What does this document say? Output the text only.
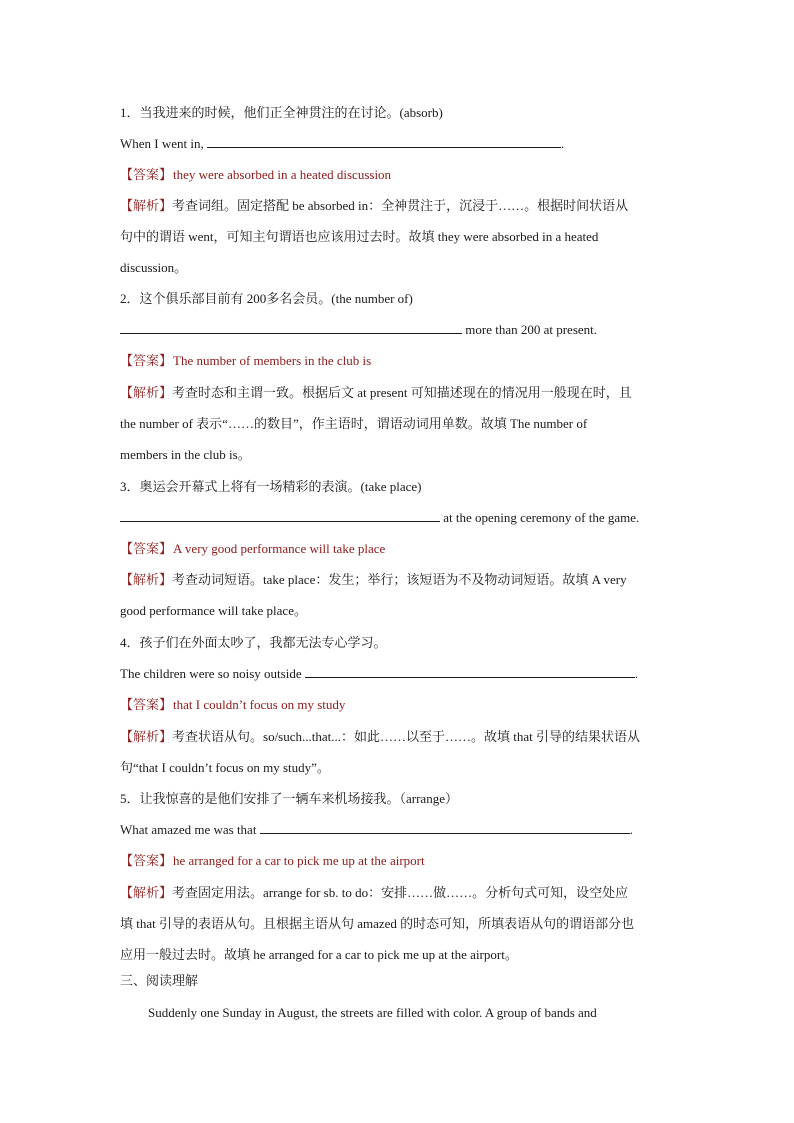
1．当我进来的时候，他们正全神贯注的在讨论。(absorb)
When I went in,	.
【答案】they were absorbed in a heated discussion
【解析】考查词组。固定搭配 be absorbed in：全神贯注于，沉浸于……。根据时间状语从
句中的谓语 went，可知主句谓语也应该用过去时。故填 they were absorbed in a heated
discussion。
2．这个俱乐部目前有 200多名会员。(the number of)
more than 200 at present.
【答案】The number of members in the club is
【解析】考查时态和主谓一致。根据后文 at present 可知描述现在的情况用一般现在时，且
the number of 表示“……的数目”，作主语时，谓语动词用单数。故填 The number of
members in the club is。
3．奥运会开幕式上将有一场精彩的表演。(take place)
at the opening ceremony of the game.
【答案】A very good performance will take place
【解析】考查动词短语。take place：发生；举行；该短语为不及物动词短语。故填 A very
good performance will take place。
4．孩子们在外面太吵了，我都无法专心学习。
The children were so noisy outside	.
【答案】that I couldn’t focus on my study
【解析】考查状语从句。so/such...that...：如此……以至于……。故填 that 引导的结果状语从
句“that I couldn’t focus on my study”。
5．让我惊喜的是他们安排了一辆车来机场接我。（arrange）
What amazed me was that	.
【答案】he arranged for a car to pick me up at the airport
【解析】考查固定用法。arrange for sb. to do：安排……做……。分析句式可知，设空处应
填 that 引导的表语从句。且根据主语从句 amazed 的时态可知，所填表语从句的谓语部分也
应用一般过去时。故填 he arranged for a car to pick me up at the airport。
三、阅读理解
Suddenly one Sunday in August, the streets are filled with color. A group of bands and
